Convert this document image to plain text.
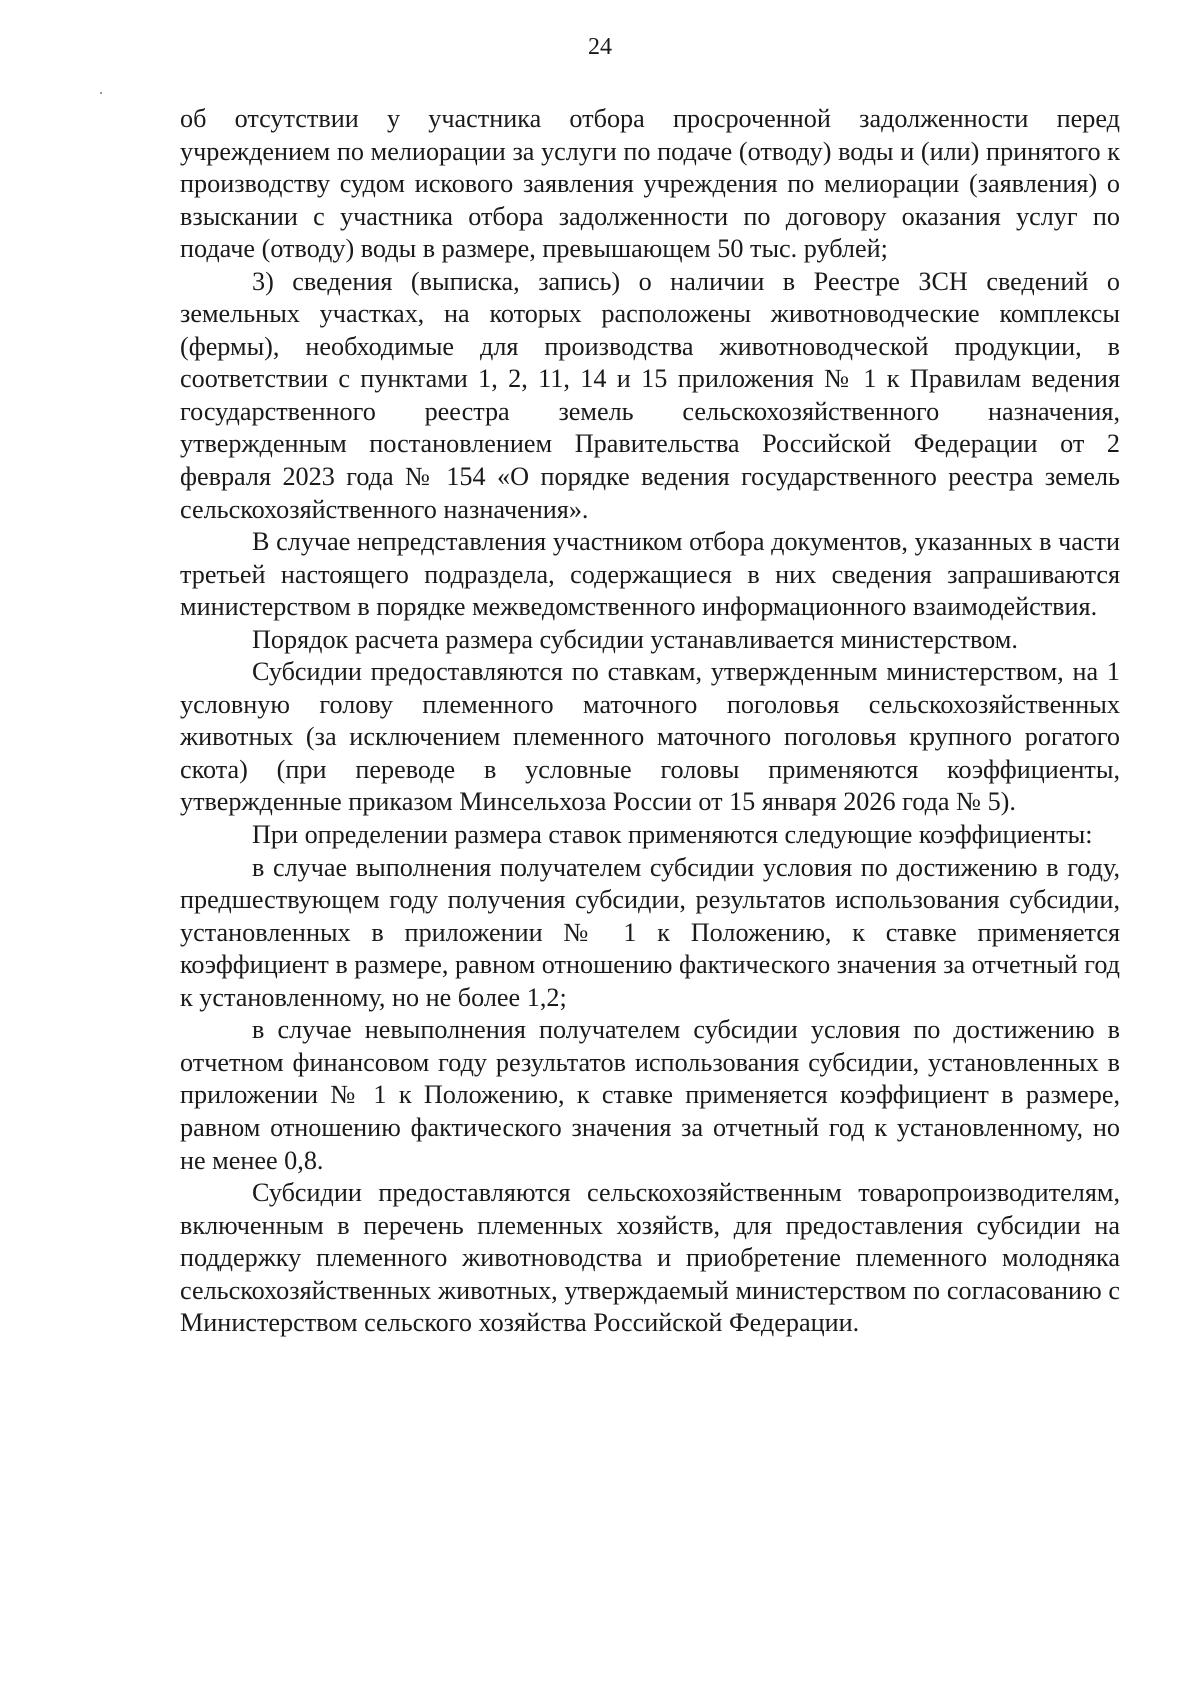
24

об отсутствии у участника отбора просроченной задолженности перед учреждением по мелиорации за услуги по подаче (отводу) воды и (или) принятого к производству судом искового заявления учреждения по мелиорации (заявления) о взыскании с участника отбора задолженности по договору оказания услуг по подаче (отводу) воды в размере, превышающем 50 тыс. рублей;

3) сведения (выписка, запись) о наличии в Реестре ЗСН сведений о земельных участках, на которых расположены животноводческие комплексы (фермы), необходимые для производства животноводческой продукции, в соответствии с пунктами 1, 2, 11, 14 и 15 приложения № 1 к Правилам ведения государственного реестра земель сельскохозяйственного назначения, утвержденным постановлением Правительства Российской Федерации от 2 февраля 2023 года № 154 «О порядке ведения государственного реестра земель сельскохозяйственного назначения».

В случае непредставления участником отбора документов, указанных в части третьей настоящего подраздела, содержащиеся в них сведения запрашиваются министерством в порядке межведомственного информационного взаимодействия.

Порядок расчета размера субсидии устанавливается министерством.

Субсидии предоставляются по ставкам, утвержденным министерством, на 1 условную голову племенного маточного поголовья сельскохозяйственных животных (за исключением племенного маточного поголовья крупного рогатого скота) (при переводе в условные головы применяются коэффициенты, утвержденные приказом Минсельхоза России от 15 января 2026 года № 5).

При определении размера ставок применяются следующие коэффициенты:

в случае выполнения получателем субсидии условия по достижению в году, предшествующем году получения субсидии, результатов использования субсидии, установленных в приложении № 1 к Положению, к ставке применяется коэффициент в размере, равном отношению фактического значения за отчетный год к установленному, но не более 1,2;

в случае невыполнения получателем субсидии условия по достижению в отчетном финансовом году результатов использования субсидии, установленных в приложении № 1 к Положению, к ставке применяется коэффициент в размере, равном отношению фактического значения за отчетный год к установленному, но не менее 0,8.

Субсидии предоставляются сельскохозяйственным товаропроизводителям, включенным в перечень племенных хозяйств, для предоставления субсидии на поддержку племенного животноводства и приобретение племенного молодняка сельскохозяйственных животных, утверждаемый министерством по согласованию с Министерством сельского хозяйства Российской Федерации.
